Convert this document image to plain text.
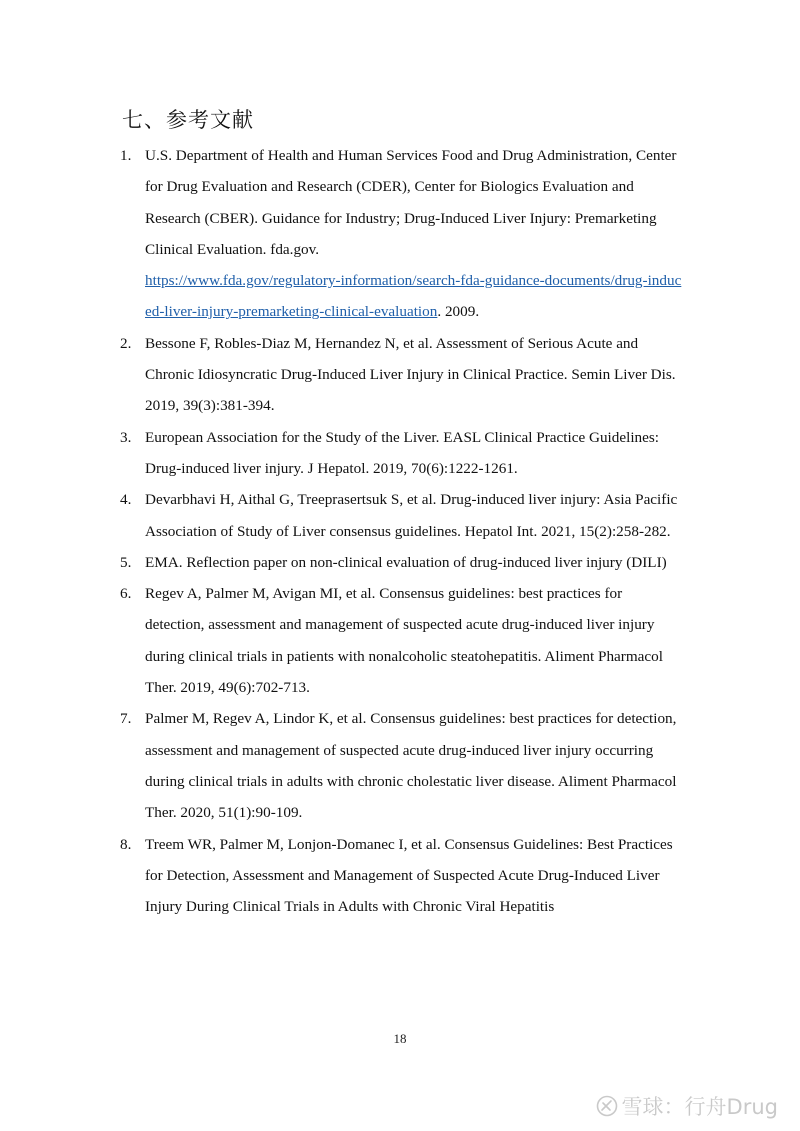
七、参考文献
1. U.S. Department of Health and Human Services Food and Drug Administration, Center for Drug Evaluation and Research (CDER), Center for Biologics Evaluation and Research (CBER). Guidance for Industry; Drug-Induced Liver Injury: Premarketing Clinical Evaluation. fda.gov.
https://www.fda.gov/regulatory-information/search-fda-guidance-documents/drug-induced-liver-injury-premarketing-clinical-evaluation. 2009.
2. Bessone F, Robles-Diaz M, Hernandez N, et al. Assessment of Serious Acute and Chronic Idiosyncratic Drug-Induced Liver Injury in Clinical Practice. Semin Liver Dis. 2019, 39(3):381-394.
3. European Association for the Study of the Liver. EASL Clinical Practice Guidelines: Drug-induced liver injury. J Hepatol. 2019, 70(6):1222-1261.
4. Devarbhavi H, Aithal G, Treeprasertsuk S, et al. Drug-induced liver injury: Asia Pacific Association of Study of Liver consensus guidelines. Hepatol Int. 2021, 15(2):258-282.
5. EMA. Reflection paper on non-clinical evaluation of drug-induced liver injury (DILI)
6. Regev A, Palmer M, Avigan MI, et al. Consensus guidelines: best practices for detection, assessment and management of suspected acute drug-induced liver injury during clinical trials in patients with nonalcoholic steatohepatitis. Aliment Pharmacol Ther. 2019, 49(6):702-713.
7. Palmer M, Regev A, Lindor K, et al. Consensus guidelines: best practices for detection, assessment and management of suspected acute drug-induced liver injury occurring during clinical trials in adults with chronic cholestatic liver disease. Aliment Pharmacol Ther. 2020, 51(1):90-109.
8. Treem WR, Palmer M, Lonjon-Domanec I, et al. Consensus Guidelines: Best Practices for Detection, Assessment and Management of Suspected Acute Drug-Induced Liver Injury During Clinical Trials in Adults with Chronic Viral Hepatitis
18
雪球：行舟Drug
